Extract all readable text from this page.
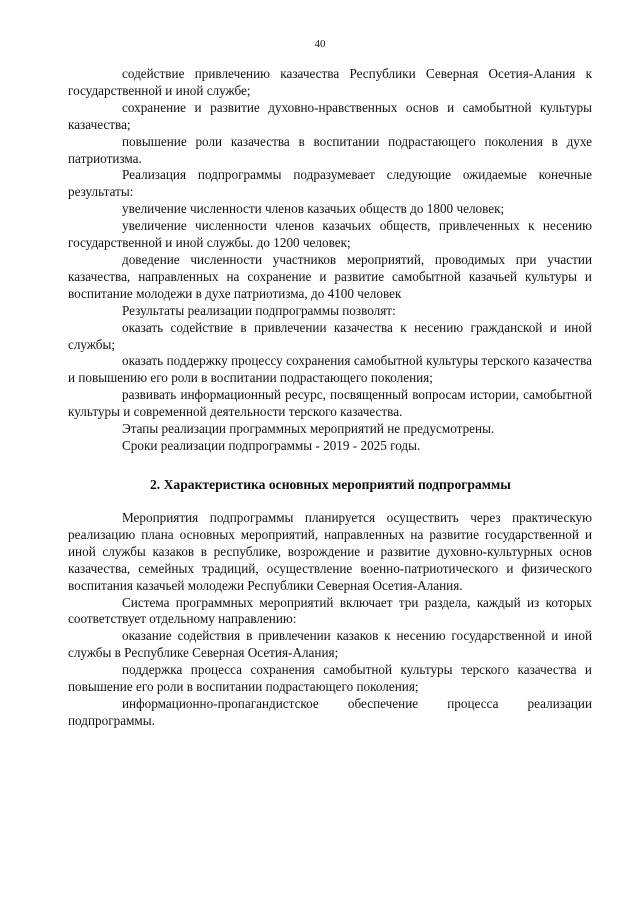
40

содействие привлечению казачества Республики Северная Осетия-Алания к государственной и иной службе;

сохранение и развитие духовно-нравственных основ и самобытной культуры казачества;

повышение роли казачества в воспитании подрастающего поколения в духе патриотизма.

Реализация подпрограммы подразумевает следующие ожидаемые конечные результаты:

увеличение численности членов казачьих обществ до 1800 человек;

увеличение численности членов казачьих обществ, привлеченных к несению государственной и иной службы. до 1200 человек;

доведение численности участников мероприятий, проводимых при участии казачества, направленных на сохранение и развитие самобытной казачьей культуры и воспитание молодежи в духе патриотизма, до 4100 человек

Результаты реализации подпрограммы позволят:

оказать содействие в привлечении казачества к несению гражданской и иной службы;

оказать поддержку процессу сохранения самобытной культуры терского казачества и повышению его роли в воспитании подрастающего поколения;

развивать информационный ресурс, посвященный вопросам истории, самобытной культуры и современной деятельности терского казачества.

Этапы реализации программных мероприятий не предусмотрены.

Сроки реализации подпрограммы - 2019 - 2025 годы.

2. Характеристика основных мероприятий подпрограммы

Мероприятия подпрограммы планируется осуществить через практическую реализацию плана основных мероприятий, направленных на развитие государственной и иной службы казаков в республике, возрождение и развитие духовно-культурных основ казачества, семейных традиций, осуществление военно-патриотического и физического воспитания казачьей молодежи Республики Северная Осетия-Алания.

Система программных мероприятий включает три раздела, каждый из которых соответствует отдельному направлению:

оказание содействия в привлечении казаков к несению государственной и иной службы в Республике Северная Осетия-Алания;

поддержка процесса сохранения самобытной культуры терского казачества и повышение его роли в воспитании подрастающего поколения;

информационно-пропагандистское обеспечение процесса реализации подпрограммы.
